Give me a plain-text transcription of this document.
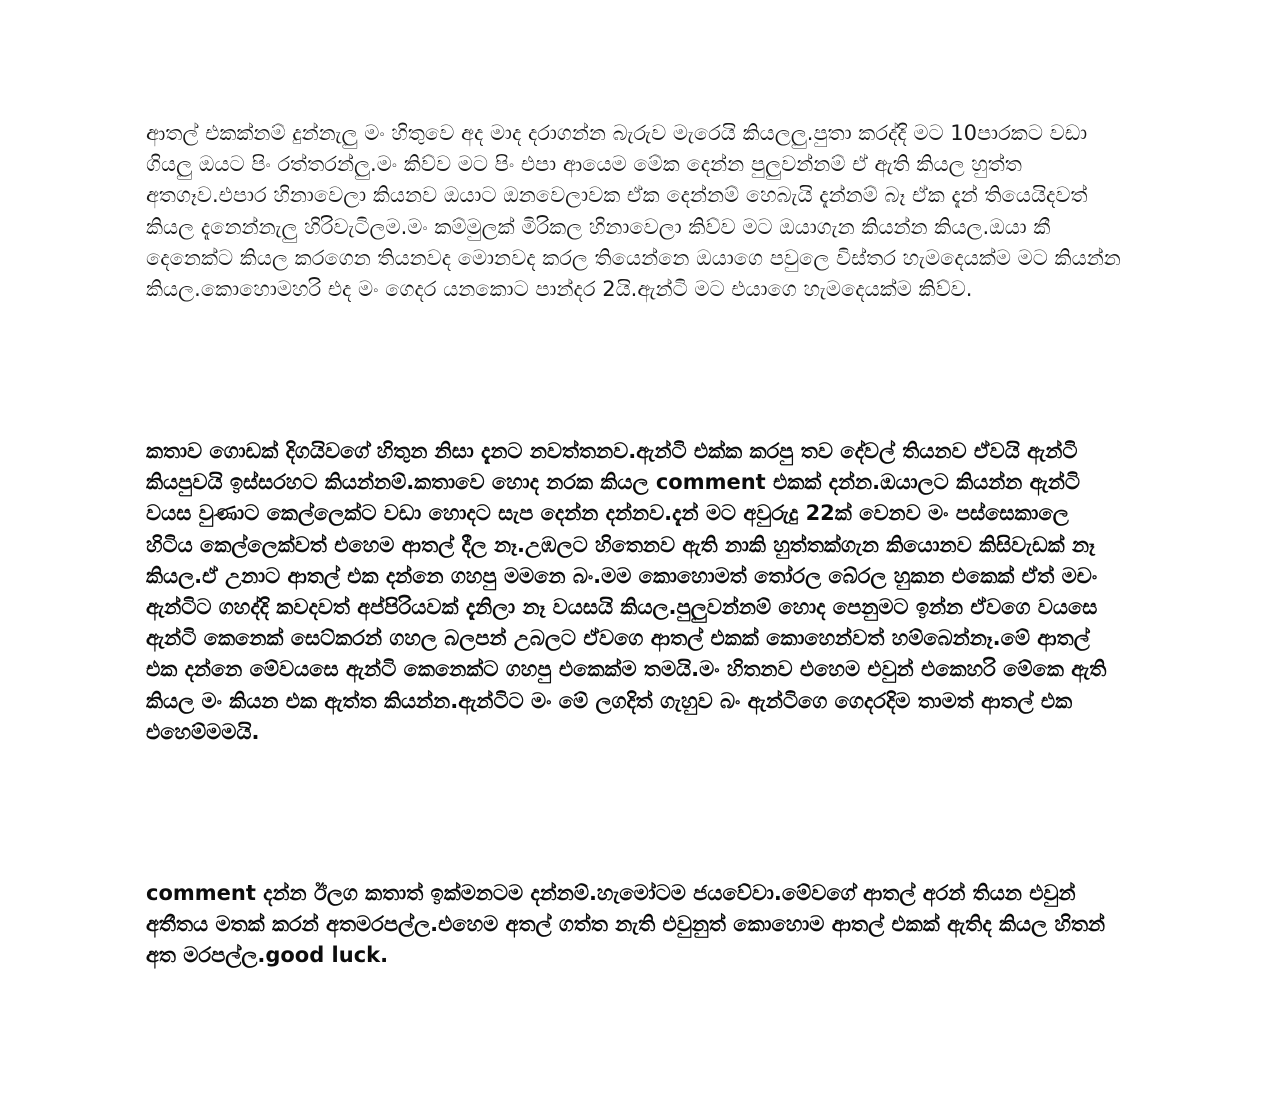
ආතල් එකක්නම් දුන්නැලු මං හිතුවෙ අද මාද දරාගන්න බැරුව මැරෙයි කියලලු.පුතා කරද්දි මට 10පාරකට වඩා ගියලු ඔයට පිං රත්තරන්ලු.මං කිව්ව මට පිං එපා ආයෙම මේක දෙන්න පුලුවන්නම් ඒ ඇති කියල හුත්ත අතගෑව.එපාර හිනාවෙලා කියනව ඔයාට ඔනවෙලාවක ඒක දෙන්නම් හෙබැයි දැන්නම් බෑ ඒක දැන් තියෙයිදවත් කියල දැනෙන්නැලු හිරිවැටිලම.මං කම්මුලක් මිරිකල හිනාවෙලා කිව්ව මට ඔයාගැන කියන්න කියල.ඔයා කී දෙනෙක්ට කියල කරගෙන තියනවද මොනවද කරල තියෙන්නෙ ඔයාගෙ පවුලෙ විස්තර හැමදෙයක්ම මට කියන්න කියල.කොහොමහරි එද මං ගෙදර යනකොට පාන්දර 2යි.ඇන්ටි මට එයාගෙ හැමදෙයක්ම කිව්ව.

කතාව ගොඩක් දිගයිවගේ හිතුන නිසා දැනට නවත්තනව.ඇන්ටි එක්ක කරපු තව දේවල් තියනව ඒවයි ඇන්ටි කියපුවයි ඉස්සරහට කියන්නම්.කතාවෙ හොද නරක කියල comment එකක් දන්න.ඔයාලට කියන්න ඇන්ටි වයස වුණාට කෙල්ලෙක්ට වඩා හොදට සැප දෙන්න දන්නව.දැන් මට අවුරුදු 22ක් වෙනව මං පස්සෙකාලෙ හිටිය කෙල්ලෙක්වත් එහෙම ආතල් දීල නෑ.උඹලට හිතෙනව ඇති නාකි හුත්තක්ගැන කියොනව කිසිවැඩක් නෑ කියල.ඒ උනාට ආතල් එක දන්නෙ ගහපු මමනෙ බං.මම කොහොමත් තෝරල බේරල හුකන එකෙක් ඒත් මචං ඇන්ටිට ගහද්දි කවදවත් අප්පිරියවක් දැනිලා නෑ වයසයි කියල.පුලුවන්නම් හොද පෙනුමට ඉන්න ඒවගෙ වයසෙ ඇන්ටි කෙනෙක් සෙට්කරන් ගහල බලපන් උබලට ඒවගෙ ආතල් එකක් කොහෙන්වත් හම්බෙන්නෑ.මේ ආතල් එක දන්නෙ මේවයසෙ ඇන්ටි කෙනෙක්ට ගහපු එකෙක්ම තමයි.මං හිතනව එහෙම එවුන් එකෙහරි මේකෙ ඇති කියල මං කියන එක ඇත්ත කියන්න.ඇන්ටිට මං මේ ලගදිත් ගැහුව බං ඇන්ටිගෙ ගෙදරදිම තාමත් ආතල් එක එහෙම්මමයි.

comment දන්න ඊලග කතාත් ඉක්මනටම දන්නම්.හැමෝටම ජයවේවා.මේවගේ ආතල් අරන් තියන එවුන් අතීතය මතක් කරන් අතමරපල්ල.එහෙම අතල් ගත්ත නැති එවුනුත් කොහොම ආතල් එකක් ඇතිද කියල හිතන් අත මරපල්ල.good luck.
